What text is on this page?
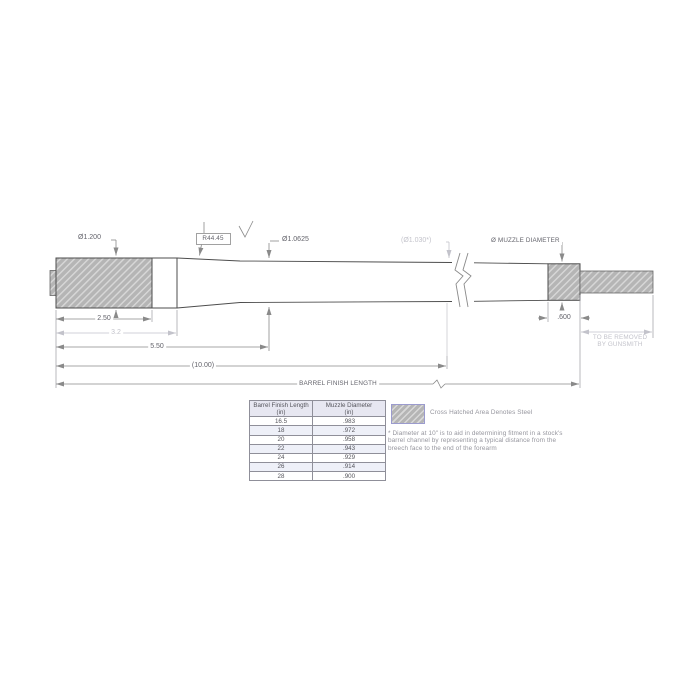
Ø1.200	R44.45	Ø1.0625	(Ø1.030*)	Ø MUZZLE DIAMETER
2.50
3.2
5.50
(10.00)
BARREL FINISH LENGTH
.600
TO BE REMOVED
BY GUNSMITH
Barrel Finish Length
(in)	Muzzle Diameter
(in)
16.5	.983
18	.972
20	.958
22	.943
24	.929
26	.914
28	.900
Cross Hatched Area Denotes Steel
* Diameter at 10" is to aid in determining fitment in a stock's barrel channel by representing a typical distance from the breech face to the end of the forearm
